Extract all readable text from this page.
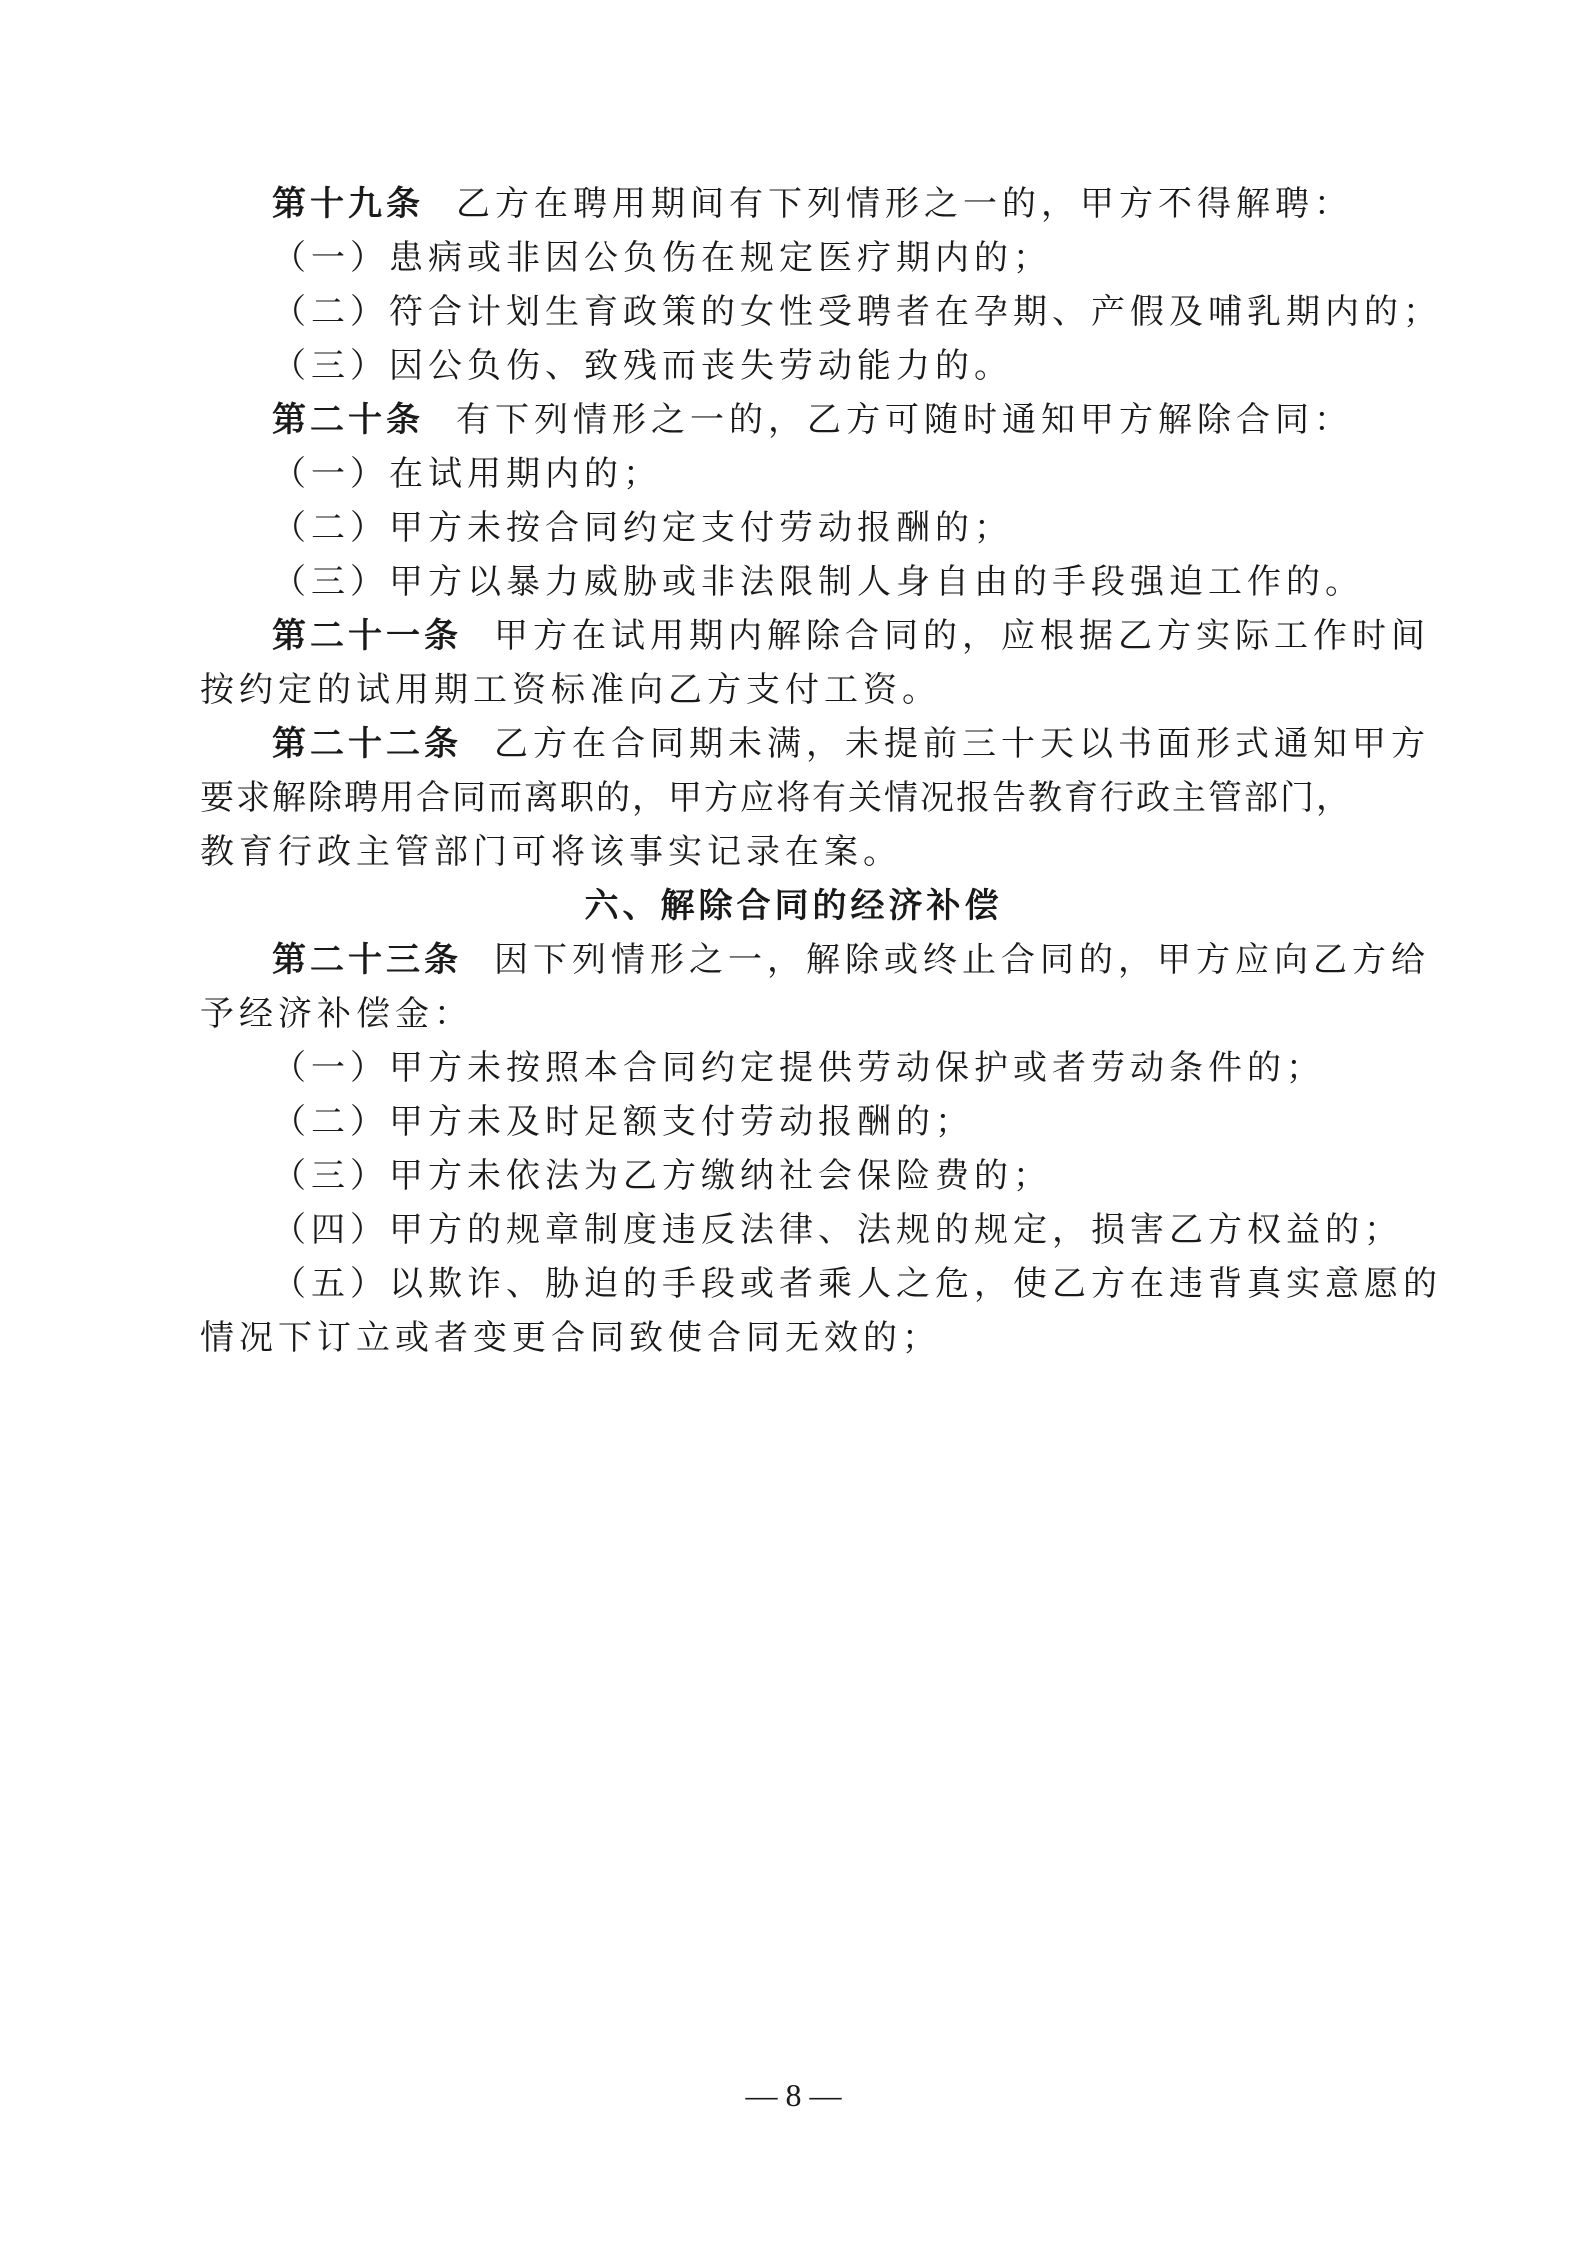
第十九条 乙方在聘用期间有下列情形之一的，甲方不得解聘：
（一）患病或非因公负伤在规定医疗期内的；
（二）符合计划生育政策的女性受聘者在孕期、产假及哺乳期内的；
（三）因公负伤、致残而丧失劳动能力的。
第二十条 有下列情形之一的，乙方可随时通知甲方解除合同：
（一）在试用期内的；
（二）甲方未按合同约定支付劳动报酬的；
（三）甲方以暴力威胁或非法限制人身自由的手段强迫工作的。
第二十一条 甲方在试用期内解除合同的，应根据乙方实际工作时间
按约定的试用期工资标准向乙方支付工资。
第二十二条 乙方在合同期未满，未提前三十天以书面形式通知甲方
要求解除聘用合同而离职的，甲方应将有关情况报告教育行政主管部门，
教育行政主管部门可将该事实记录在案。
六、解除合同的经济补偿
第二十三条 因下列情形之一，解除或终止合同的，甲方应向乙方给
予经济补偿金：
（一）甲方未按照本合同约定提供劳动保护或者劳动条件的；
（二）甲方未及时足额支付劳动报酬的；
（三）甲方未依法为乙方缴纳社会保险费的；
（四）甲方的规章制度违反法律、法规的规定，损害乙方权益的；
（五）以欺诈、胁迫的手段或者乘人之危，使乙方在违背真实意愿的
情况下订立或者变更合同致使合同无效的；
— 8 —
